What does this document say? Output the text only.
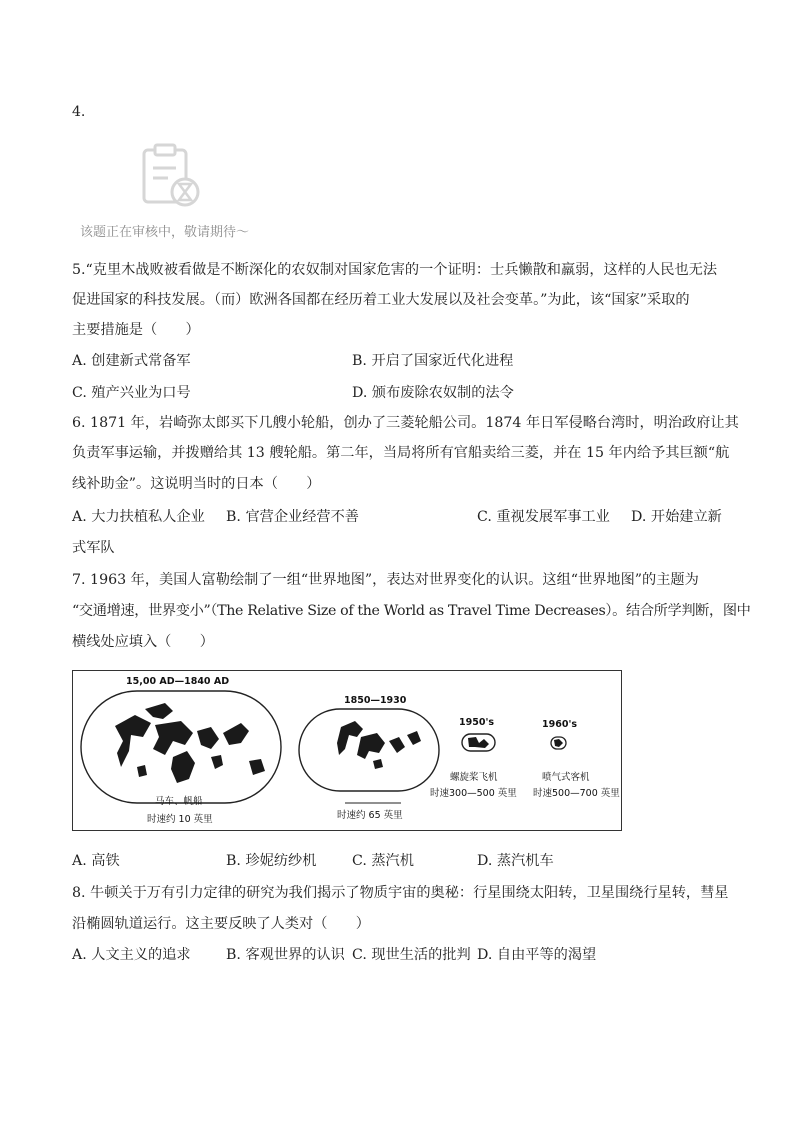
4.
该题正在审核中，敬请期待～
5.“克里木战败被看做是不断深化的农奴制对国家危害的一个证明：士兵懒散和羸弱，这样的人民也无法
促进国家的科技发展。（而）欧洲各国都在经历着工业大发展以及社会变革。”为此，该“国家”采取的
主要措施是（　　）
A. 创建新式常备军	B. 开启了国家近代化进程
C. 殖产兴业为口号	D. 颁布废除农奴制的法令
6. 1871 年，岩崎弥太郎买下几艘小轮船，创办了三菱轮船公司。1874 年日军侵略台湾时，明治政府让其
负责军事运输，并拨赠给其 13 艘轮船。第二年，当局将所有官船卖给三菱，并在 15 年内给予其巨额“航
线补助金”。这说明当时的日本（　　）
A. 大力扶植私人企业 B. 官营企业经营不善	C. 重视发展军事工业 D. 开始建立新
式军队
7. 1963 年，美国人富勒绘制了一组“世界地图”，表达对世界变化的认识。这组“世界地图”的主题为
“交通增速，世界变小”（The Relative Size of the World as Travel Time Decreases）。结合所学判断，图中
横线处应填入（　　）
15,00 AD—1840 AD
马车、帆船
时速约 10 英里
1850—1930
时速约 65 英里
1950's
螺旋桨飞机
时速300—500 英里
1960's
喷气式客机
时速500—700 英里
A. 高铁	B. 珍妮纺纱机	C. 蒸汽机	D. 蒸汽机车
8. 牛顿关于万有引力定律的研究为我们揭示了物质宇宙的奥秘：行星围绕太阳转，卫星围绕行星转，彗星
沿椭圆轨道运行。这主要反映了人类对（　　）
A. 人文主义的追求 B. 客观世界的认识 C. 现世生活的批判 D. 自由平等的渴望
